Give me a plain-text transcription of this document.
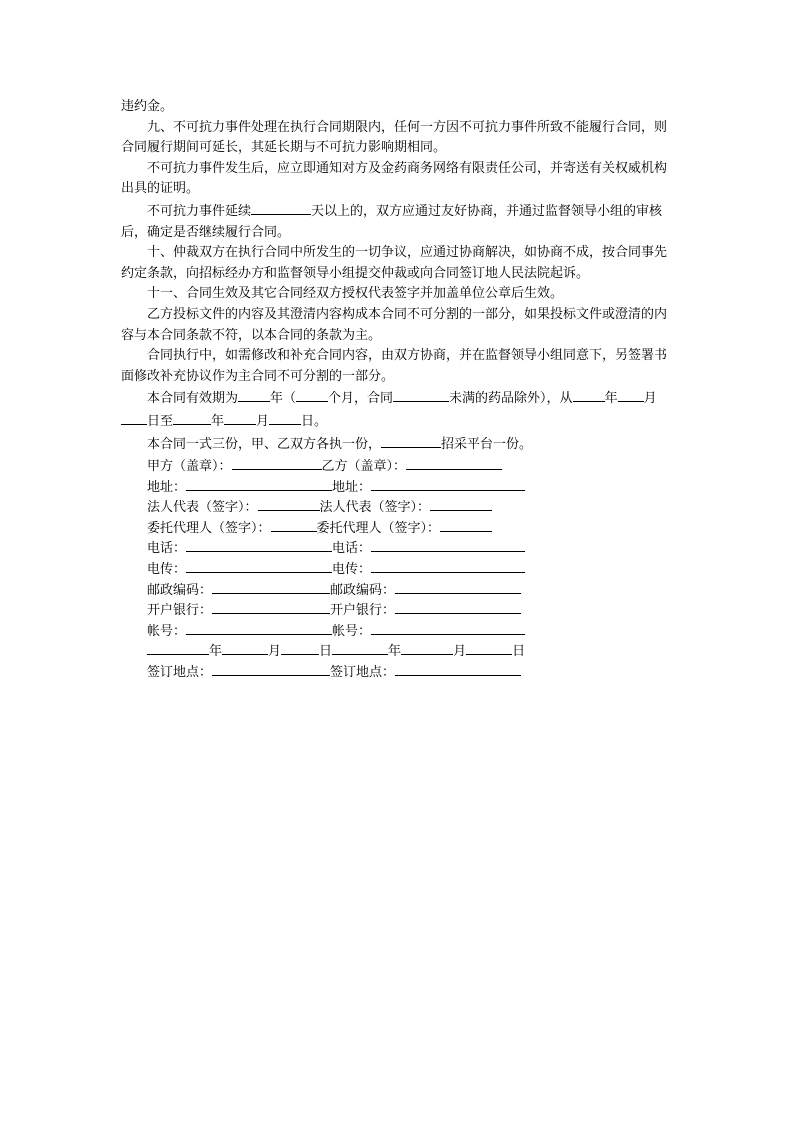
违约金。

九、不可抗力事件处理在执行合同期限内，任何一方因不可抗力事件所致不能履行合同，则合同履行期间可延长，其延长期与不可抗力影响期相同。

不可抗力事件发生后，应立即通知对方及金药商务网络有限责任公司，并寄送有关权威机构出具的证明。

不可抗力事件延续	天以上的，双方应通过友好协商，并通过监督领导小组的审核后，确定是否继续履行合同。

十、仲裁双方在执行合同中所发生的一切争议，应通过协商解决，如协商不成，按合同事先约定条款，向招标经办方和监督领导小组提交仲裁或向合同签订地人民法院起诉。

十一、合同生效及其它合同经双方授权代表签字并加盖单位公章后生效。

乙方投标文件的内容及其澄清内容构成本合同不可分割的一部分，如果投标文件或澄清的内容与本合同条款不符，以本合同的条款为主。

合同执行中，如需修改和补充合同内容，由双方协商，并在监督领导小组同意下，另签署书面修改补充协议作为主合同不可分割的一部分。

本合同有效期为 年（ 个月，合同	未满的药品除外），从 年 月日至	年 月 日。

本合同一式三份，甲、乙双方各执一份，	招采平台一份。

甲方（盖章）：	乙方（盖章）：
地址：	地址：
法人代表（签字）：	法人代表（签字）：
委托代理人（签字）：	委托代理人（签字）：
电话：	电话：
电传：	电传：
邮政编码：	邮政编码：
开户银行：	开户银行：
帐号：	帐号：
年	月	日	年	月	日
签订地点：	签订地点：
